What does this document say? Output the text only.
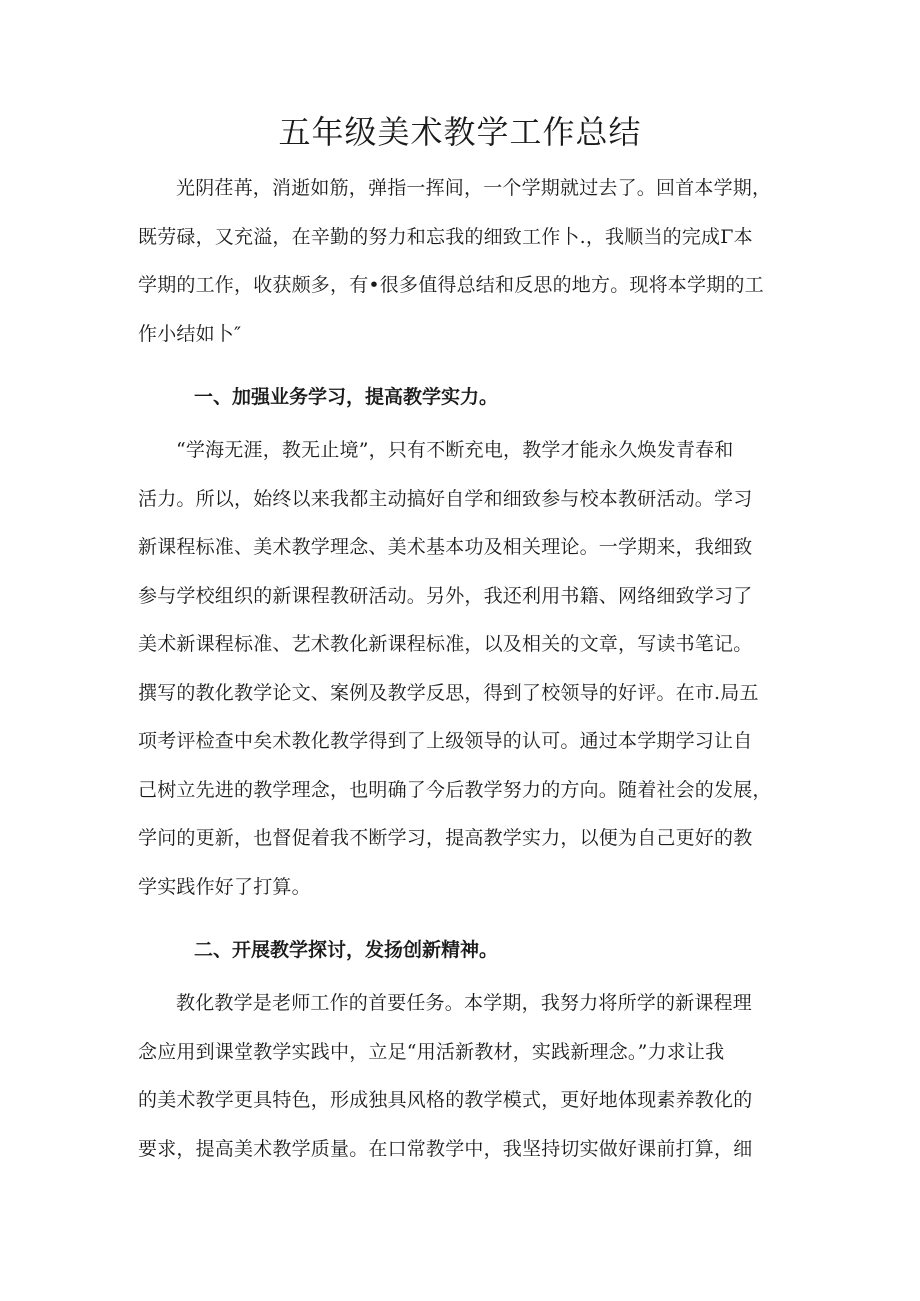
五年级美术教学工作总结
光阴荏苒，消逝如筋，弹指一挥间，一个学期就过去了。回首本学期，
既劳碌，又充溢，在辛勤的努力和忘我的细致工作卜.，我顺当的完成Γ本
学期的工作，收获颇多，有•很多值得总结和反思的地方。现将本学期的工
作小结如卜″
一、加强业务学习，提高教学实力。
“学海无涯，教无止境”，只有不断充电，教学才能永久焕发青春和
活力。所以，始终以来我都主动搞好自学和细致参与校本教研活动。学习
新课程标准、美术教学理念、美术基本功及相关理论。一学期来，我细致
参与学校组织的新课程教研活动。另外，我还利用书籍、网络细致学习了
美术新课程标准、艺术教化新课程标准，以及相关的文章，写读书笔记。
撰写的教化教学论文、案例及教学反思，得到了校领导的好评。在市.局五
项考评检查中矣术教化教学得到了上级领导的认可。通过本学期学习让自
己树立先进的教学理念，也明确了今后教学努力的方向。随着社会的发展，
学问的更新，也督促着我不断学习，提高教学实力，以便为自己更好的教
学实践作好了打算。
二、开展教学探讨，发扬创新精神。
教化教学是老师工作的首要任务。本学期，我努力将所学的新课程理
念应用到课堂教学实践中，立足“用活新教材，实践新理念。”力求让我
的美术教学更具特色，形成独具风格的教学模式，更好地体现素养教化的
要求，提高美术教学质量。在口常教学中，我坚持切实做好课前打算，细
